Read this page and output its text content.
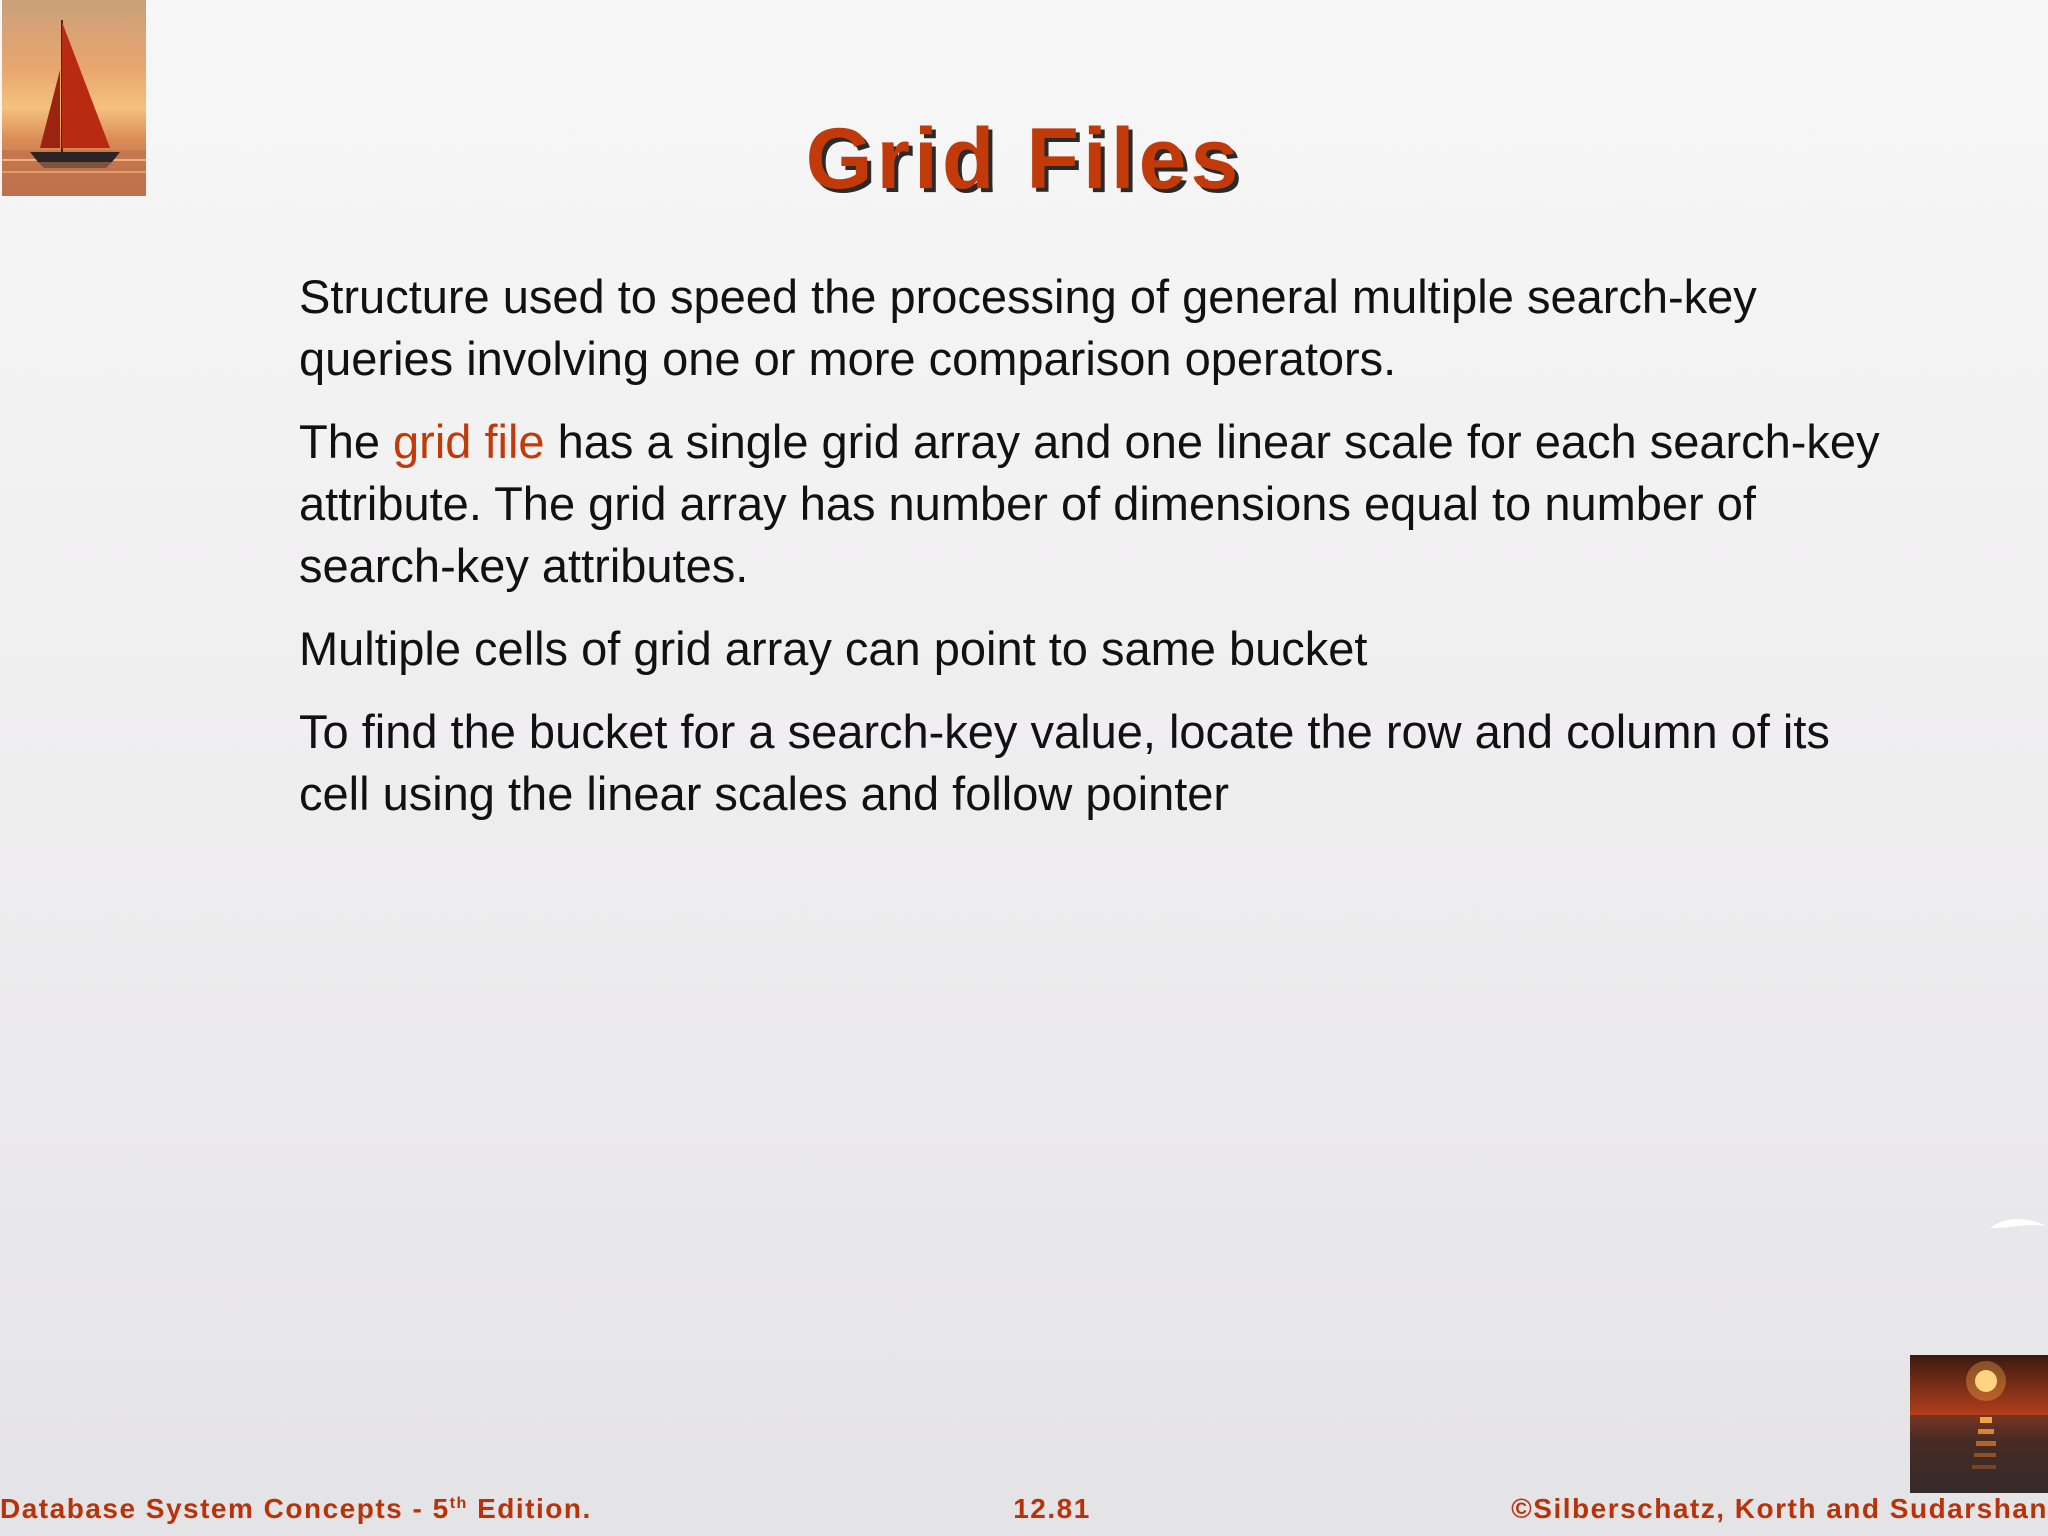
Grid Files

Structure used to speed the processing of general multiple search-key queries involving one or more comparison operators.

The grid file has a single grid array and one linear scale for each search-key attribute. The grid array has number of dimensions equal to number of search-key attributes.

Multiple cells of grid array can point to same bucket

To find the bucket for a search-key value, locate the row and column of its cell using the linear scales and follow pointer

Database System Concepts - 5th Edition.	12.81	©Silberschatz, Korth and Sudarshan
